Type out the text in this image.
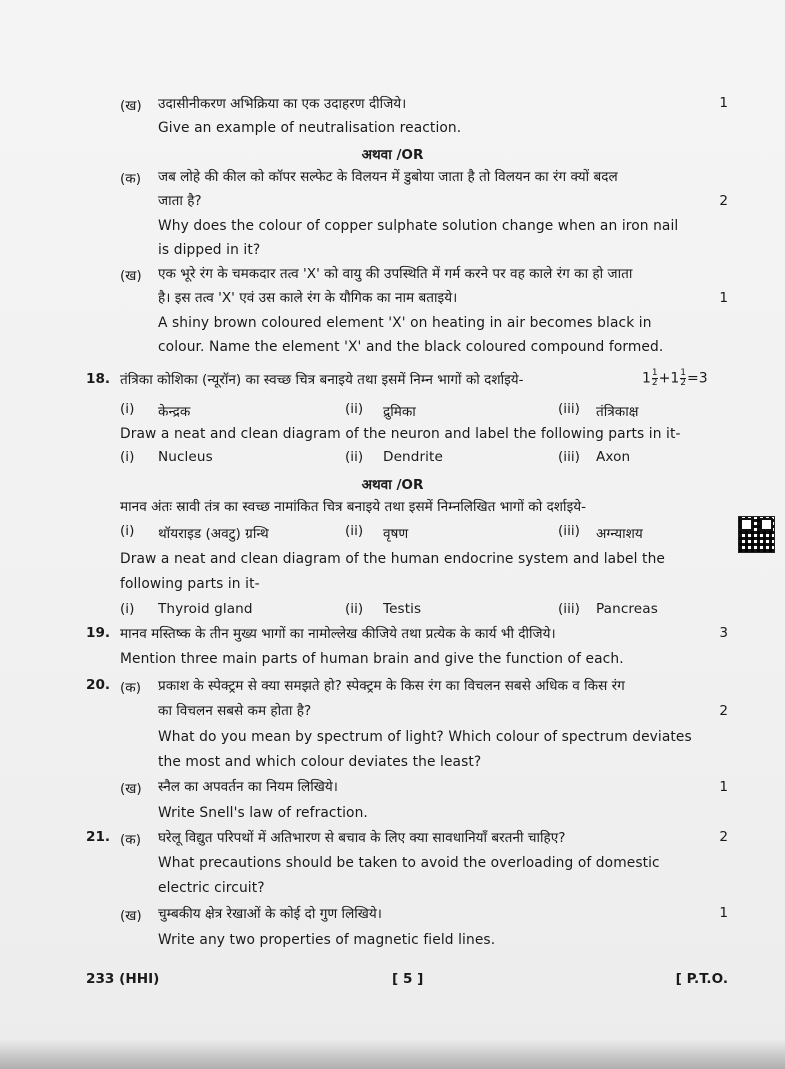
(ख) उदासीनीकरण अभिक्रिया का एक उदाहरण दीजिये।	1
Give an example of neutralisation reaction.
अथवा /OR
(क) जब लोहे की कील को कॉपर सल्फेट के विलयन में डुबोया जाता है तो विलयन का रंग क्यों बदल
जाता है?	2
Why does the colour of copper sulphate solution change when an iron nail
is dipped in it?
(ख) एक भूरे रंग के चमकदार तत्व 'X' को वायु की उपस्थिति में गर्म करने पर वह काले रंग का हो जाता
है। इस तत्व 'X' एवं उस काले रंग के यौगिक का नाम बताइये।	1
A shiny brown coloured element 'X' on heating in air becomes black in
colour. Name the element 'X' and the black coloured compound formed.
18. तंत्रिका कोशिका (न्यूरॉन) का स्वच्छ चित्र बनाइये तथा इसमें निम्न भागों को दर्शाइये-	$1 \frac{1}{2} +1 \frac{1}{2} =3$
(i) केन्द्रक	(ii) द्रुमिका	(iii) तंत्रिकाक्ष
Draw a neat and clean diagram of the neuron and label the following parts in it-
(i) Nucleus	(ii) Dendrite	(iii) Axon
अथवा /OR
मानव अंतः स्रावी तंत्र का स्वच्छ नामांकित चित्र बनाइये तथा इसमें निम्नलिखित भागों को दर्शाइये-
(i) थॉयराइड (अवटु) ग्रन्थि	(ii) वृषण	(iii) अग्न्याशय
Draw a neat and clean diagram of the human endocrine system and label the
following parts in it-
(i) Thyroid gland	(ii) Testis	(iii) Pancreas
19. मानव मस्तिष्क के तीन मुख्य भागों का नामोल्लेख कीजिये तथा प्रत्येक के कार्य भी दीजिये।	3
Mention three main parts of human brain and give the function of each.
20. (क) प्रकाश के स्पेक्ट्रम से क्या समझते हो? स्पेक्ट्रम के किस रंग का विचलन सबसे अधिक व किस रंग
का विचलन सबसे कम होता है?	2
What do you mean by spectrum of light? Which colour of spectrum deviates
the most and which colour deviates the least?
(ख) स्नैल का अपवर्तन का नियम लिखिये।	1
Write Snell's law of refraction.
21. (क) घरेलू विद्युत परिपथों में अतिभारण से बचाव के लिए क्या सावधानियाँ बरतनी चाहिए?	2
What precautions should be taken to avoid the overloading of domestic
electric circuit?
(ख) चुम्बकीय क्षेत्र रेखाओं के कोई दो गुण लिखिये।	1
Write any two properties of magnetic field lines.
233 (HHI)	[ 5 ]	[ P.T.O.
